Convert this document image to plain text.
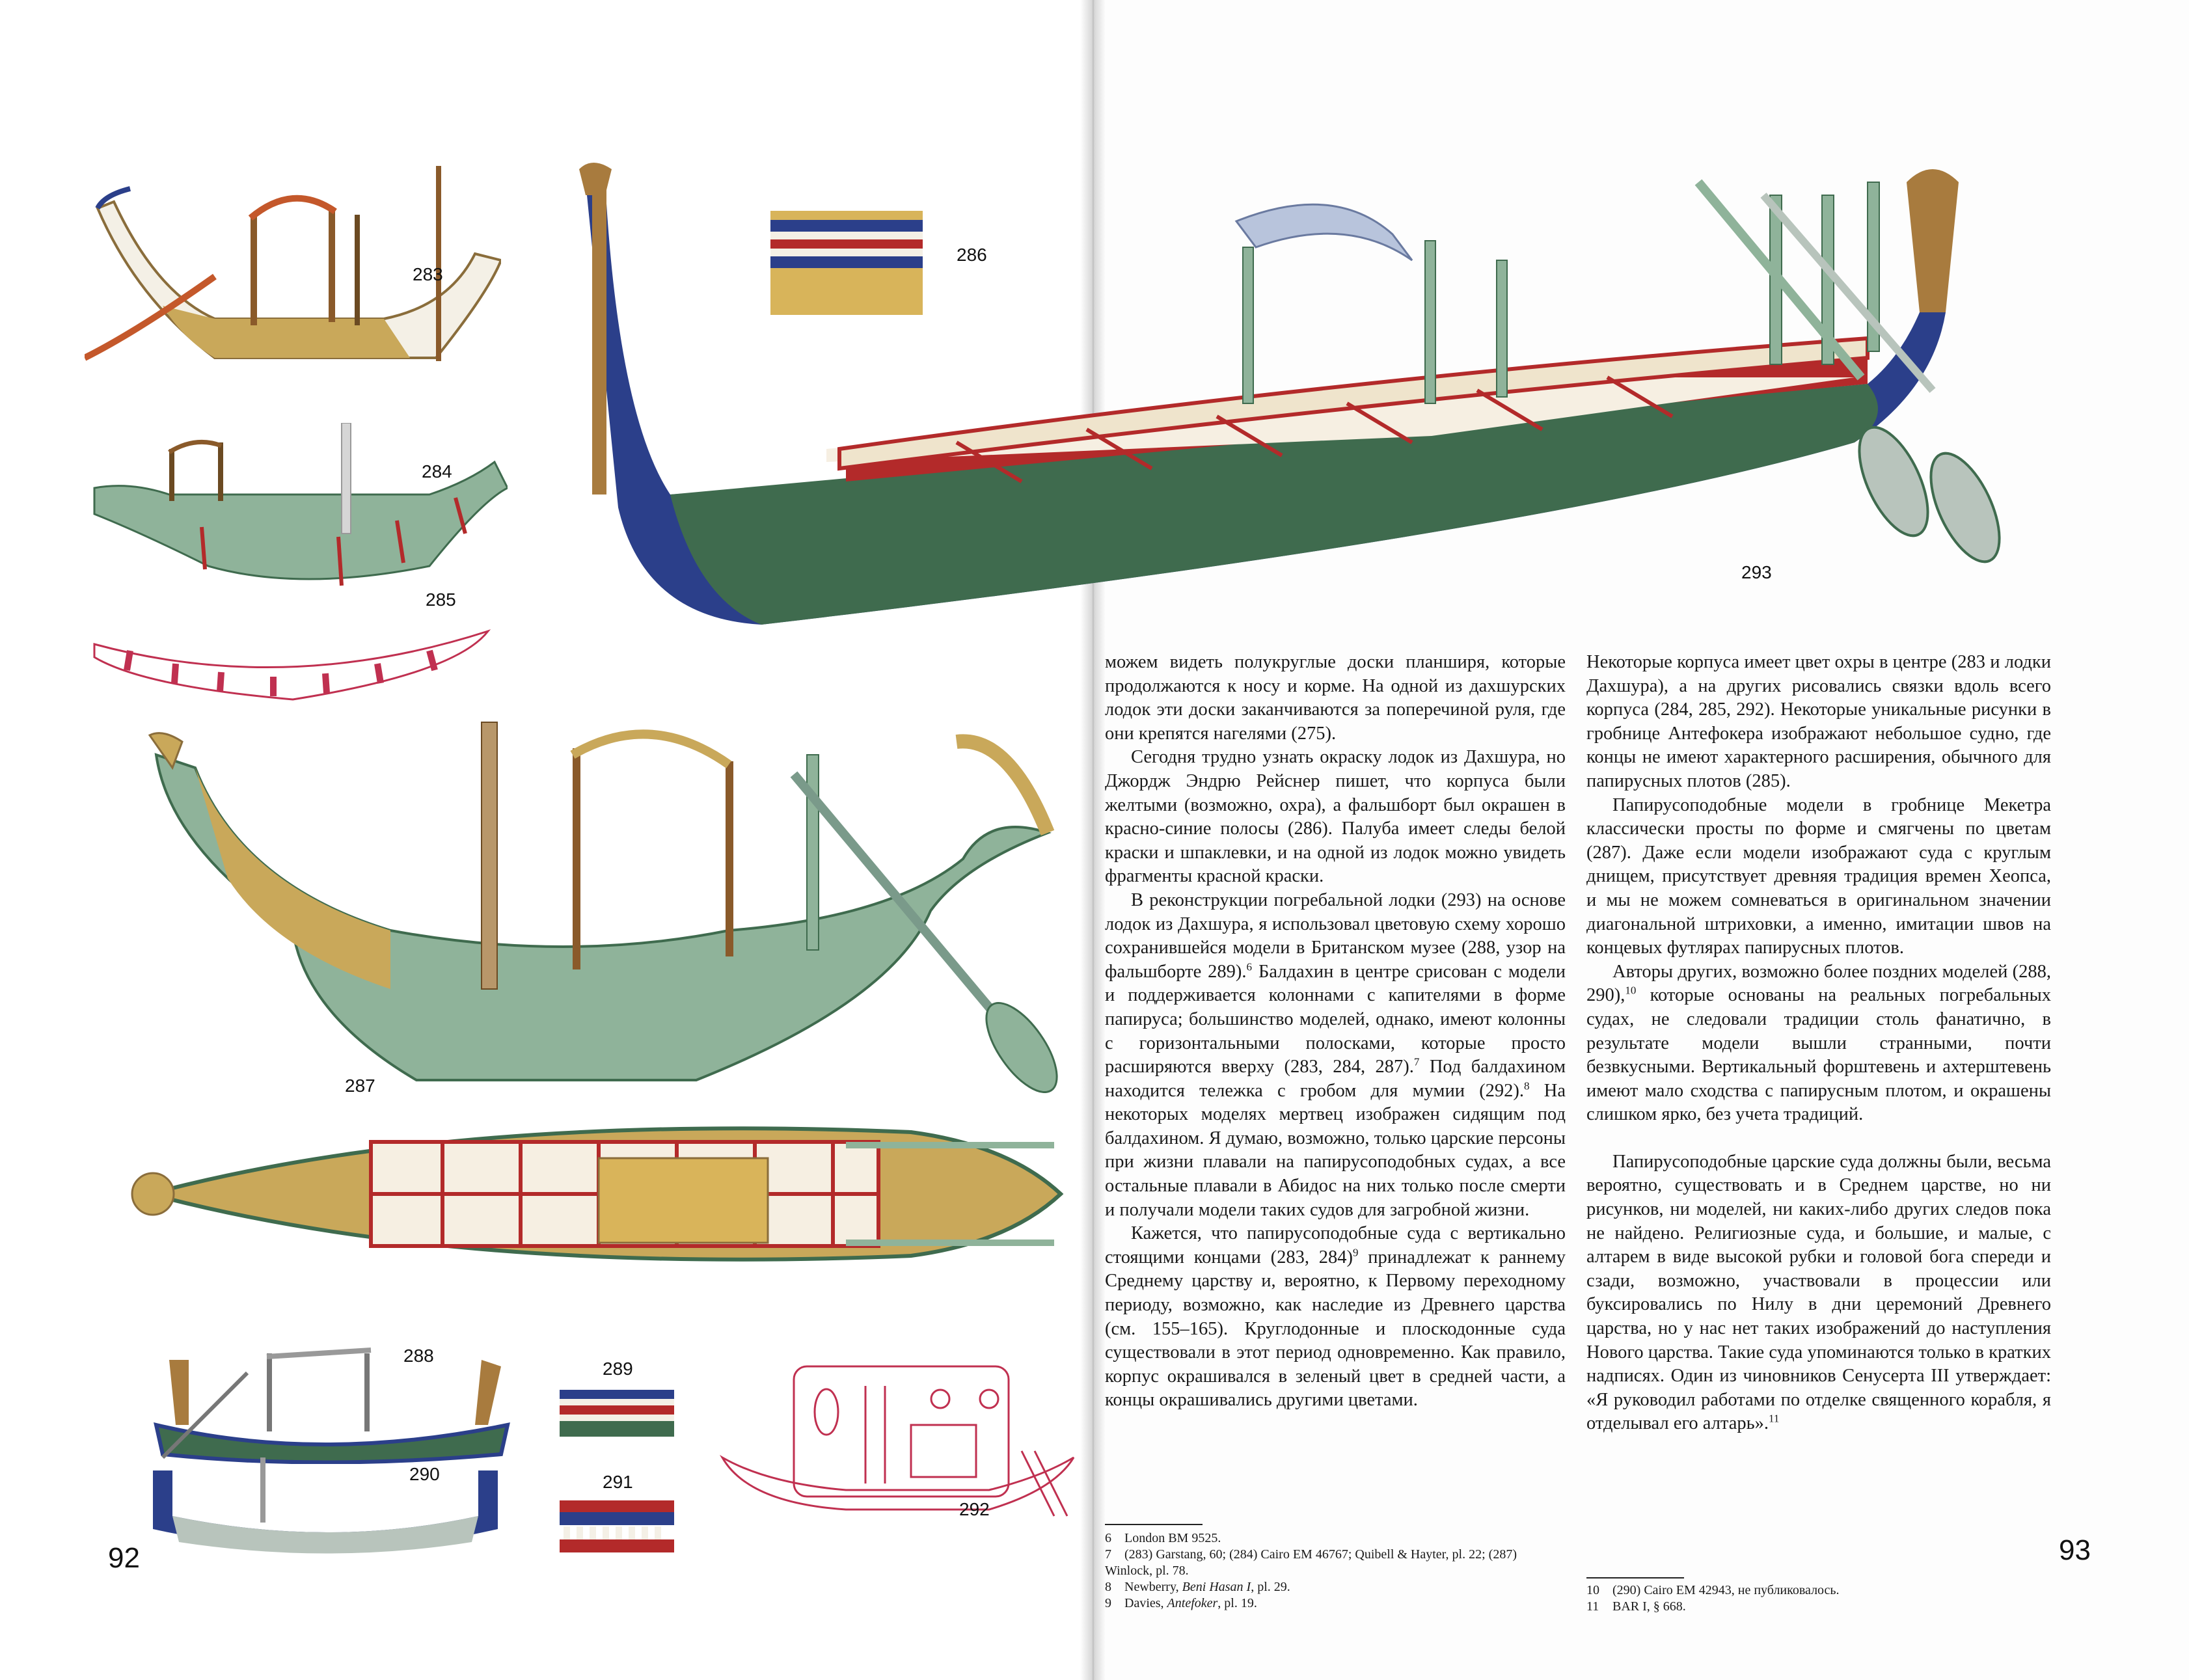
283
284
285
287
288
290
289
291
292
286
293
92	93

можем видеть полукруглые доски планширя, которые продолжаются к носу и корме. На одной из дахшурских лодок эти доски заканчиваются за поперечиной руля, где они крепятся нагелями (275).

Сегодня трудно узнать окраску лодок из Дахшура, но Джордж Эндрю Рейснер пишет, что корпуса были желтыми (возможно, охра), а фальшборт был окрашен в красно-синие полосы (286). Палуба имеет следы белой краски и шпаклевки, и на одной из лодок можно увидеть фрагменты красной краски.

В реконструкции погребальной лодки (293) на основе лодок из Дахшура, я использовал цветовую схему хорошо сохранившейся модели в Британском музее (288, узор на фальшборте 289).$^6$ Балдахин в центре срисован с модели и поддерживается колоннами с капителями в форме папируса; большинство моделей, однако, имеют колонны с горизонтальными полосками, которые просто расширяются вверху (283, 284, 287).$^7$ Под балдахином находится тележка с гробом для мумии (292).$^8$ На некоторых моделях мертвец изображен сидящим под балдахином. Я думаю, возможно, только царские персоны при жизни плавали на папирусоподобных судах, а все остальные плавали в Абидос на них только после смерти и получали модели таких судов для загробной жизни.

Кажется, что папирусоподобные суда с вертикально стоящими концами (283, 284)$^9$ принадлежат к раннему Среднему царству и, вероятно, к Первому переходному периоду, возможно, как наследие из Древнего царства (см. 155–165). Круглодонные и плоскодонные суда существовали в этот период одновременно. Как правило, корпус окрашивался в зеленый цвет в средней части, а концы окрашивались другими цветами.

Некоторые корпуса имеет цвет охры в центре (283 и лодки Дахшура), а на других рисовались связки вдоль всего корпуса (284, 285, 292). Некоторые уникальные рисунки в гробнице Антефокера изображают небольшое судно, где концы не имеют характерного расширения, обычного для папирусных плотов (285).

Папирусоподобные модели в гробнице Мекетра классически просты по форме и смягчены по цветам (287). Даже если модели изображают суда с круглым днищем, присутствует древняя традиция времен Хеопса, и мы не можем сомневаться в оригинальном значении диагональной штриховки, а именно, имитации швов на концевых футлярах папирусных плотов.

Авторы других, возможно более поздних моделей (288, 290),$^{10}$ которые основаны на реальных погребальных судах, не следовали традиции столь фанатично, в результате модели вышли странными, почти безвкусными. Вертикальный форштевень и ахтерштевень имеют мало сходства с папирусным плотом, и окрашены слишком ярко, без учета традиций.

Папирусоподобные царские суда должны были, весьма вероятно, существовать и в Среднем царстве, но ни рисунков, ни моделей, ни каких-либо других следов пока не найдено. Религиозные суда, и большие, и малые, с алтарем в виде высокой рубки и головой бога спереди и сзади, возможно, участвовали в процессии или буксировались по Нилу в дни церемоний Древнего царства, но у нас нет таких изображений до наступления Нового царства. Такие суда упоминаются только в кратких надписях. Один из чиновников Сенусерта III утверждает: «Я руководил работами по отделке священного корабля, я отделывал его алтарь».$^{11}$

6 London BM 9525.
7 (283) Garstang, 60; (284) Cairo EM 46767; Quibell & Hayter, pl. 22; (287)
Winlock, pl. 78.
8 Newberry, Beni Hasan I, pl. 29.
9 Davies, Antefoker, pl. 19.
10 (290) Cairo EM 42943, не публиковалось.
11 BAR I, § 668.
